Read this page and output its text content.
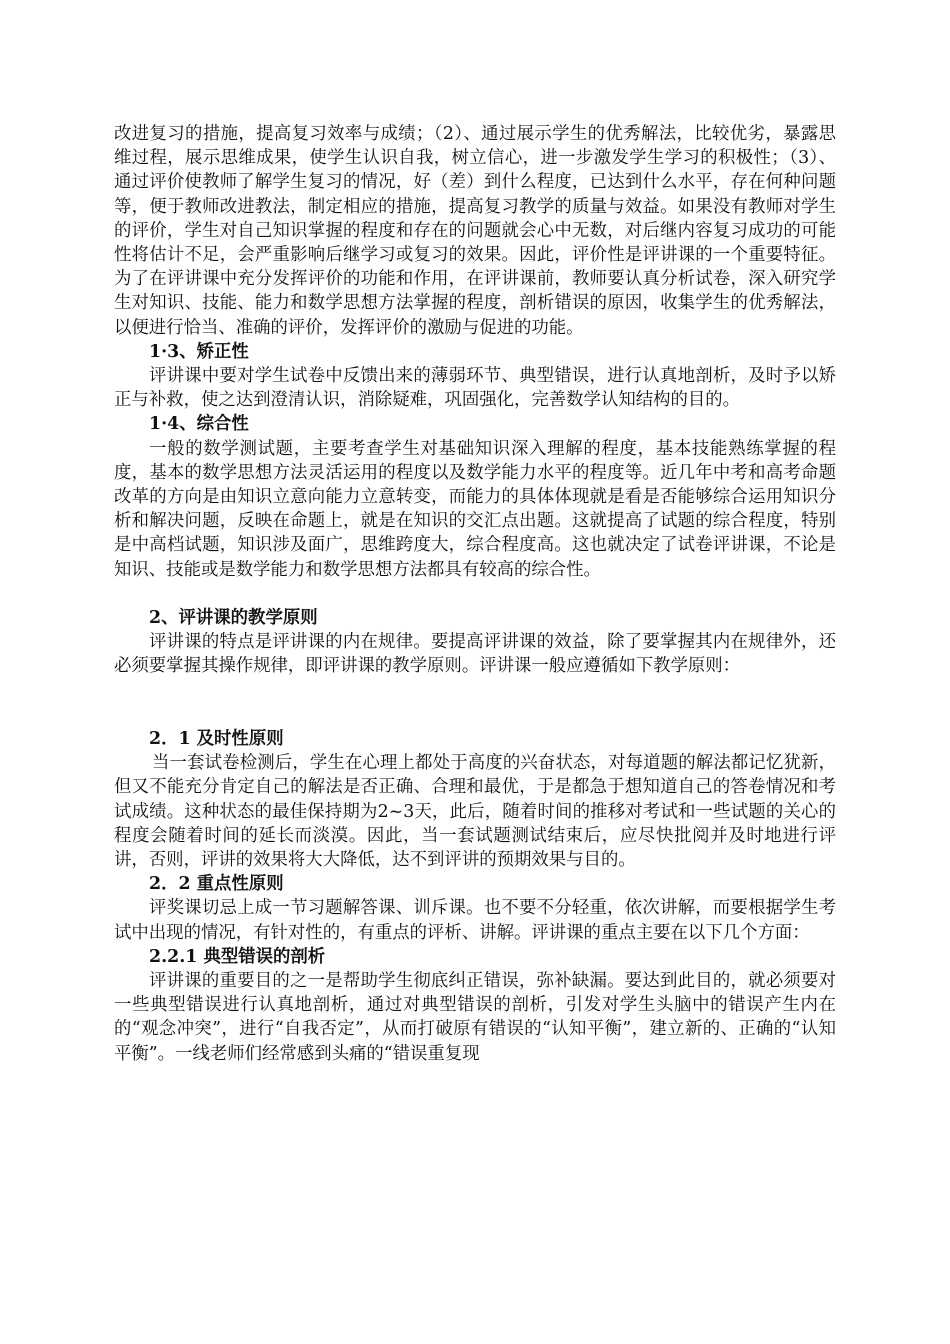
改进复习的措施，提高复习效率与成绩；（2）、通过展示学生的优秀解法，比较优劣，暴露思维过程，展示思维成果，使学生认识自我，树立信心，进一步激发学生学习的积极性；（3）、通过评价使教师了解学生复习的情况，好（差）到什么程度，已达到什么水平，存在何种问题等，便于教师改进教法，制定相应的措施，提高复习教学的质量与效益。如果没有教师对学生的评价，学生对自己知识掌握的程度和存在的问题就会心中无数，对后继内容复习成功的可能性将估计不足，会严重影响后继学习或复习的效果。因此，评价性是评讲课的一个重要特征。为了在评讲课中充分发挥评价的功能和作用，在评讲课前，教师要认真分析试卷，深入研究学生对知识、技能、能力和数学思想方法掌握的程度，剖析错误的原因，收集学生的优秀解法，以便进行恰当、准确的评价，发挥评价的激励与促进的功能。

1·3、矫正性

评讲课中要对学生试卷中反馈出来的薄弱环节、典型错误，进行认真地剖析，及时予以矫正与补救，使之达到澄清认识，消除疑难，巩固强化，完善数学认知结构的目的。

1·4、综合性

一般的数学测试题，主要考查学生对基础知识深入理解的程度，基本技能熟练掌握的程度，基本的数学思想方法灵活运用的程度以及数学能力水平的程度等。近几年中考和高考命题改革的方向是由知识立意向能力立意转变，而能力的具体体现就是看是否能够综合运用知识分析和解决问题，反映在命题上，就是在知识的交汇点出题。这就提高了试题的综合程度，特别是中高档试题，知识涉及面广，思维跨度大，综合程度高。这也就决定了试卷评讲课，不论是知识、技能或是数学能力和数学思想方法都具有较高的综合性。

2、评讲课的教学原则

评讲课的特点是评讲课的内在规律。要提高评讲课的效益，除了要掌握其内在规律外，还必须要掌握其操作规律，即评讲课的教学原则。评讲课一般应遵循如下教学原则：

2．1 及时性原则

当一套试卷检测后，学生在心理上都处于高度的兴奋状态，对每道题的解法都记忆犹新，但又不能充分肯定自己的解法是否正确、合理和最优，于是都急于想知道自己的答卷情况和考试成绩。这种状态的最佳保持期为2~3天，此后，随着时间的推移对考试和一些试题的关心的程度会随着时间的延长而淡漠。因此，当一套试题测试结束后，应尽快批阅并及时地进行评讲，否则，评讲的效果将大大降低，达不到评讲的预期效果与目的。

2．2 重点性原则

评奖课切忌上成一节习题解答课、训斥课。也不要不分轻重，依次讲解，而要根据学生考试中出现的情况，有针对性的，有重点的评析、讲解。评讲课的重点主要在以下几个方面：

2.2.1 典型错误的剖析

评讲课的重要目的之一是帮助学生彻底纠正错误，弥补缺漏。要达到此目的，就必须要对一些典型错误进行认真地剖析，通过对典型错误的剖析，引发对学生头脑中的错误产生内在的“观念冲突”，进行“自我否定”，从而打破原有错误的“认知平衡”，建立新的、正确的“认知平衡”。一线老师们经常感到头痛的“错误重复现
